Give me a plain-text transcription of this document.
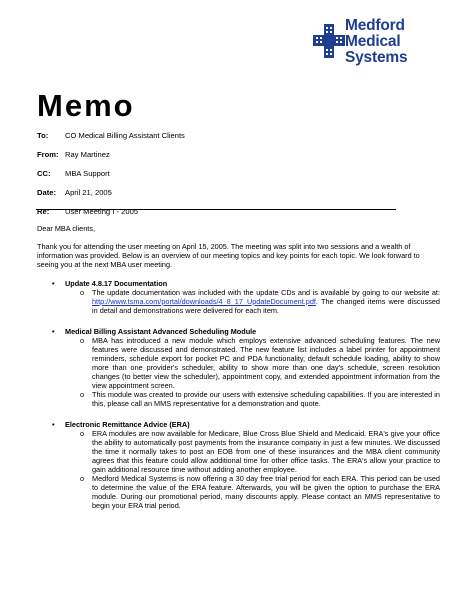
Medford
Medical
Systems
Memo
To: CO Medical Billing Assistant Clients
From: Ray Martinez
CC: MBA Support
Date: April 21, 2005
Re: User Meeting I - 2005

Dear MBA clients,

Thank you for attending the user meeting on April 15, 2005. The meeting was split into two sessions and a wealth of information was provided. Below is an overview of our meeting topics and key points for each topic. We look forward to seeing you at the next MBA user meeting.

• Update 4.8.17 Documentation
o The update documentation was included with the update CDs and is available by going to our website at: http://www.tsma.com/portal/downloads/4_8_17_UpdateDocument.pdf. The changed items were discussed in detail and demonstrations were delivered for each item.
• Medical Billing Assistant Advanced Scheduling Module
o MBA has introduced a new module which employs extensive advanced scheduling features. The new features were discussed and demonstrated. The new feature list includes a label printer for appointment reminders, schedule export for pocket PC and PDA functionality, default schedule loading, ability to show more than one provider's scheduler, ability to show more than one day's schedule, screen resolution changes (to better view the scheduler), appointment copy, and extended appointment information from the view appointment screen.
o This module was created to provide our users with extensive scheduling capabilities. If you are interested in this, please call an MMS representative for a demonstration and quote.
• Electronic Remittance Advice (ERA)
o ERA modules are now available for Medicare, Blue Cross Blue Shield and Medicaid. ERA's give your office the ability to automatically post payments from the insurance company in just a few minutes. We discussed the time it normally takes to post an EOB from one of these insurances and the MBA client community agrees that this feature could allow additional time for other office tasks. The ERA's allow your practice to gain additional resource time without adding another employee.
o Medford Medical Systems is now offering a 30 day free trial period for each ERA. This period can be used to determine the value of the ERA feature. Afterwards, you will be given the option to purchase the ERA module. During our promotional period, many discounts apply. Please contact an MMS representative to begin your ERA trial period.
